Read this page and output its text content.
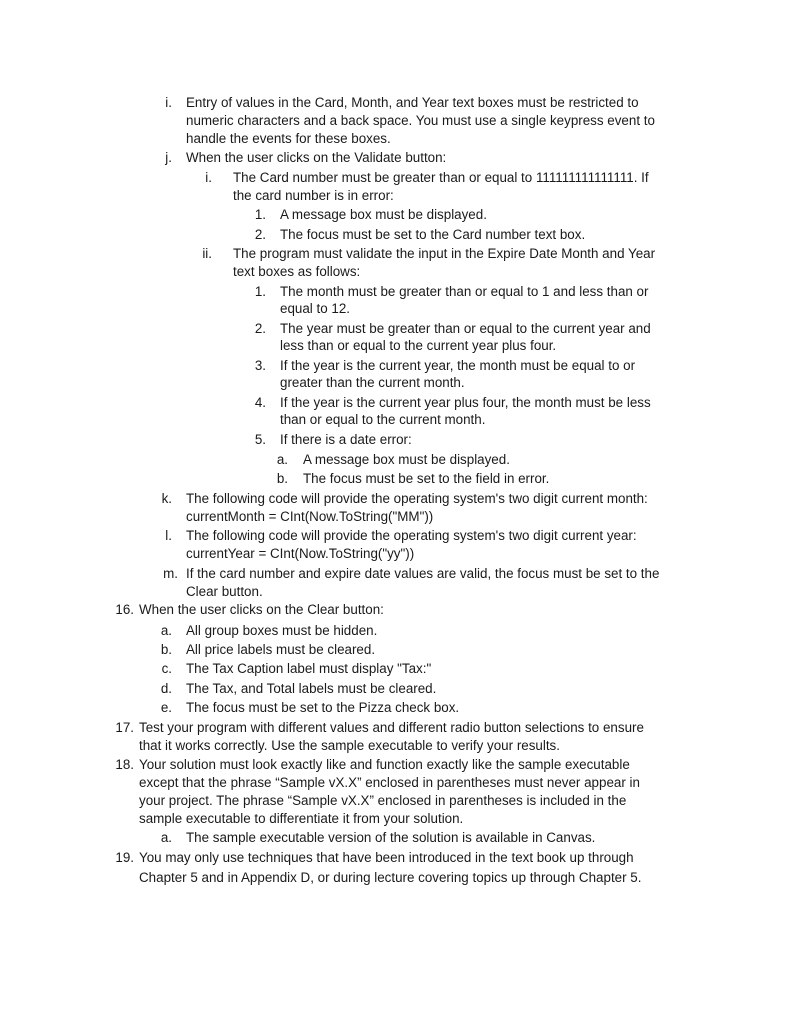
i. Entry of values in the Card, Month, and Year text boxes must be restricted to
numeric characters and a back space. You must use a single keypress event to
handle the events for these boxes.
j. When the user clicks on the Validate button:
i. The Card number must be greater than or equal to 111111111111111. If
the card number is in error:
1. A message box must be displayed.
2. The focus must be set to the Card number text box.
ii. The program must validate the input in the Expire Date Month and Year
text boxes as follows:
1. The month must be greater than or equal to 1 and less than or
equal to 12.
2. The year must be greater than or equal to the current year and
less than or equal to the current year plus four.
3. If the year is the current year, the month must be equal to or
greater than the current month.
4. If the year is the current year plus four, the month must be less
than or equal to the current month.
5. If there is a date error:
a. A message box must be displayed.
b. The focus must be set to the field in error.
k. The following code will provide the operating system's two digit current month:
currentMonth = CInt(Now.ToString("MM"))
l. The following code will provide the operating system's two digit current year:
currentYear = CInt(Now.ToString("yy"))
m. If the card number and expire date values are valid, the focus must be set to the
Clear button.
16. When the user clicks on the Clear button:
a. All group boxes must be hidden.
b. All price labels must be cleared.
c. The Tax Caption label must display "Tax:"
d. The Tax, and Total labels must be cleared.
e. The focus must be set to the Pizza check box.
17. Test your program with different values and different radio button selections to ensure
that it works correctly. Use the sample executable to verify your results.
18. Your solution must look exactly like and function exactly like the sample executable
except that the phrase “Sample vX.X” enclosed in parentheses must never appear in
your project. The phrase “Sample vX.X” enclosed in parentheses is included in the
sample executable to differentiate it from your solution.
a. The sample executable version of the solution is available in Canvas.
19. You may only use techniques that have been introduced in the text book up through
Chapter 5 and in Appendix D, or during lecture covering topics up through Chapter 5.
